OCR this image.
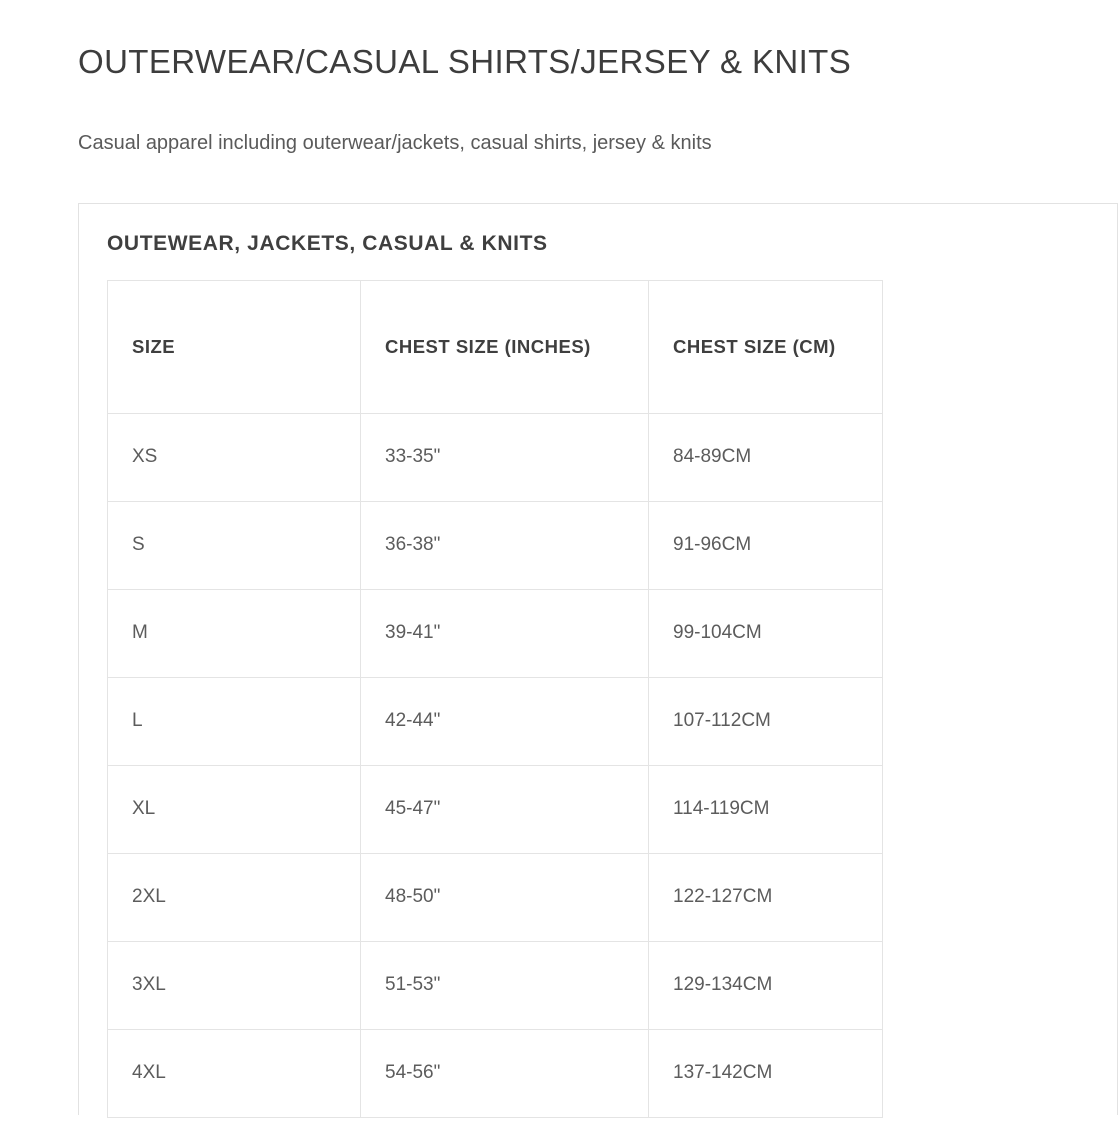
OUTERWEAR/CASUAL SHIRTS/JERSEY & KNITS

Casual apparel including outerwear/jackets, casual shirts, jersey & knits

OUTEWEAR, JACKETS, CASUAL & KNITS
SIZE	CHEST SIZE (INCHES)	CHEST SIZE (CM)
XS	33-35"	84-89CM
S	36-38"	91-96CM
M	39-41"	99-104CM
L	42-44"	107-112CM
XL	45-47"	114-119CM
2XL	48-50"	122-127CM
3XL	51-53"	129-134CM
4XL	54-56"	137-142CM
